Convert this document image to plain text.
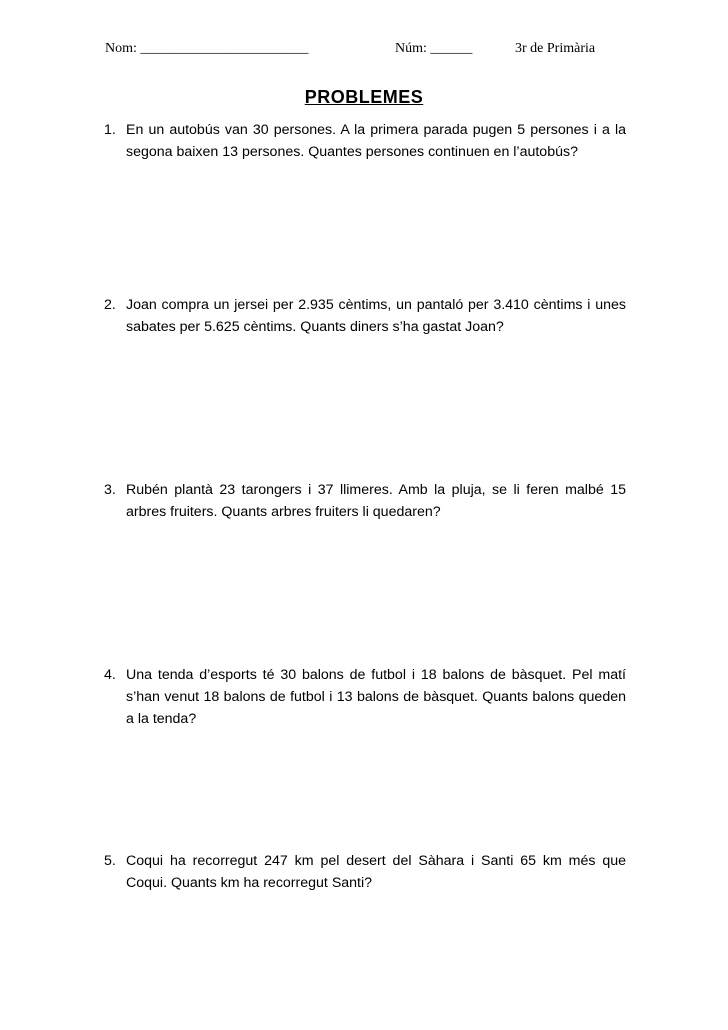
Nom: ________________________	Núm: ______	3r de Primària
PROBLEMES
1. En un autobús van 30 persones. A la primera parada pugen 5 persones i a la segona baixen 13 persones. Quantes persones continuen en l’autobús?
2. Joan compra un jersei per 2.935 cèntims, un pantaló per 3.410 cèntims i unes sabates per 5.625 cèntims. Quants diners s’ha gastat Joan?
3. Rubén plantà 23 tarongers i 37 llimeres. Amb la pluja, se li feren malbé 15 arbres fruiters. Quants arbres fruiters li quedaren?
4. Una tenda d’esports té 30 balons de futbol i 18 balons de bàsquet. Pel matí s’han venut 18 balons de futbol i 13 balons de bàsquet. Quants balons queden a la tenda?
5. Coqui ha recorregut 247 km pel desert del Sàhara i Santi 65 km més que Coqui. Quants km ha recorregut Santi?
